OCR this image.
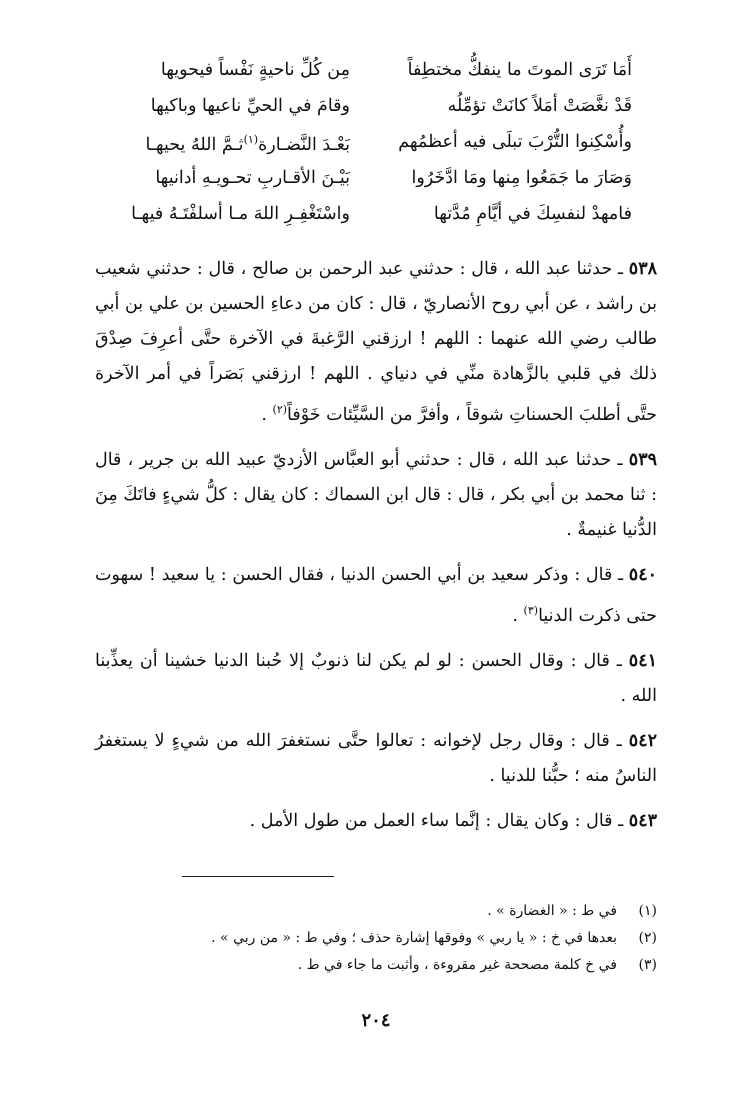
أَمَا تَرَى الموتَ ما ينفكُّ مختطِفاً
مِن كُلِّ ناحيةٍ نَفْساً فيحويها
قَدْ نغَّصَتْ أمَلاً كانَتْ تؤمِّلُه
وقامَ في الحيِّ ناعيها وباكيها
وأُسْكِنوا التُّرْبَ تبلَى فيه أعظمُهم
بَعْـدَ النَّضـارة$^{(١)}$ثـمَّ اللهُ يحيهـا
وَصَارَ ما جَمَعُوا مِنها ومَا ادَّخَرُوا
بَيْـنَ الأقـاربِ تحـويـهِ أدانيها
فامهدْ لنفسِكَ في أيَّامِ مُدَّتها
واسْتَغْفِـرِ اللهَ مـا أسلفْتَـهُ فيهـا

٥٣٨ ـ حدثنا عبد الله ، قال : حدثني عبد الرحمن بن صالح ، قال : حدثني شعيب بن راشد ، عن أبي روح الأنصاريّ ، قال : كان من دعاءِ الحسين بن علي بن أبي طالب رضي الله عنهما : اللهم ! ارزقني الرَّغبةَ في الآخرة حتَّى أعرِفَ صِدْقَ ذلك في قلبي بالزَّهادة منِّي في دنياي . اللهم ! ارزقني بَصَراً في أمر الآخرة حتَّى أطلبَ الحسناتِ شوقاً ، وأفرَّ من السَّيِّئات خَوْفاً$^{(٢)}$ .

٥٣٩ ـ حدثنا عبد الله ، قال : حدثني أبو العبَّاس الأزديّ عبيد الله بن جرير ، قال : ثنا محمد بن أبي بكر ، قال : قال ابن السماك : كان يقال : كلُّ شيءٍ فاتَكَ مِنَ الدُّنيا غنيمةٌ .

٥٤٠ ـ قال : وذكر سعيد بن أبي الحسن الدنيا ، فقال الحسن : يا سعيد ! سهوت حتى ذكرت الدنيا$^{(٣)}$ .

٥٤١ ـ قال : وقال الحسن : لو لم يكن لنا ذنوبٌ إلا حُبنا الدنيا خشينا أن يعذِّبنا الله .

٥٤٢ ـ قال : وقال رجل لإخوانه : تعالوا حتَّى نستغفرَ الله من شيءٍ لا يستغفرُ الناسُ منه ؛ حبُّنا للدنيا .

٥٤٣ ـ قال : وكان يقال : إنَّما ساء العمل من طول الأمل .

(١)في ط : « الغضارة » .
(٢)بعدها في خ : « يا ربي » وفوقها إشارة حذف ؛ وفي ط : « من ربي » .
(٣)في خ كلمة مصححة غير مقروءة ، وأثبت ما جاء في ط .
٢٠٤
